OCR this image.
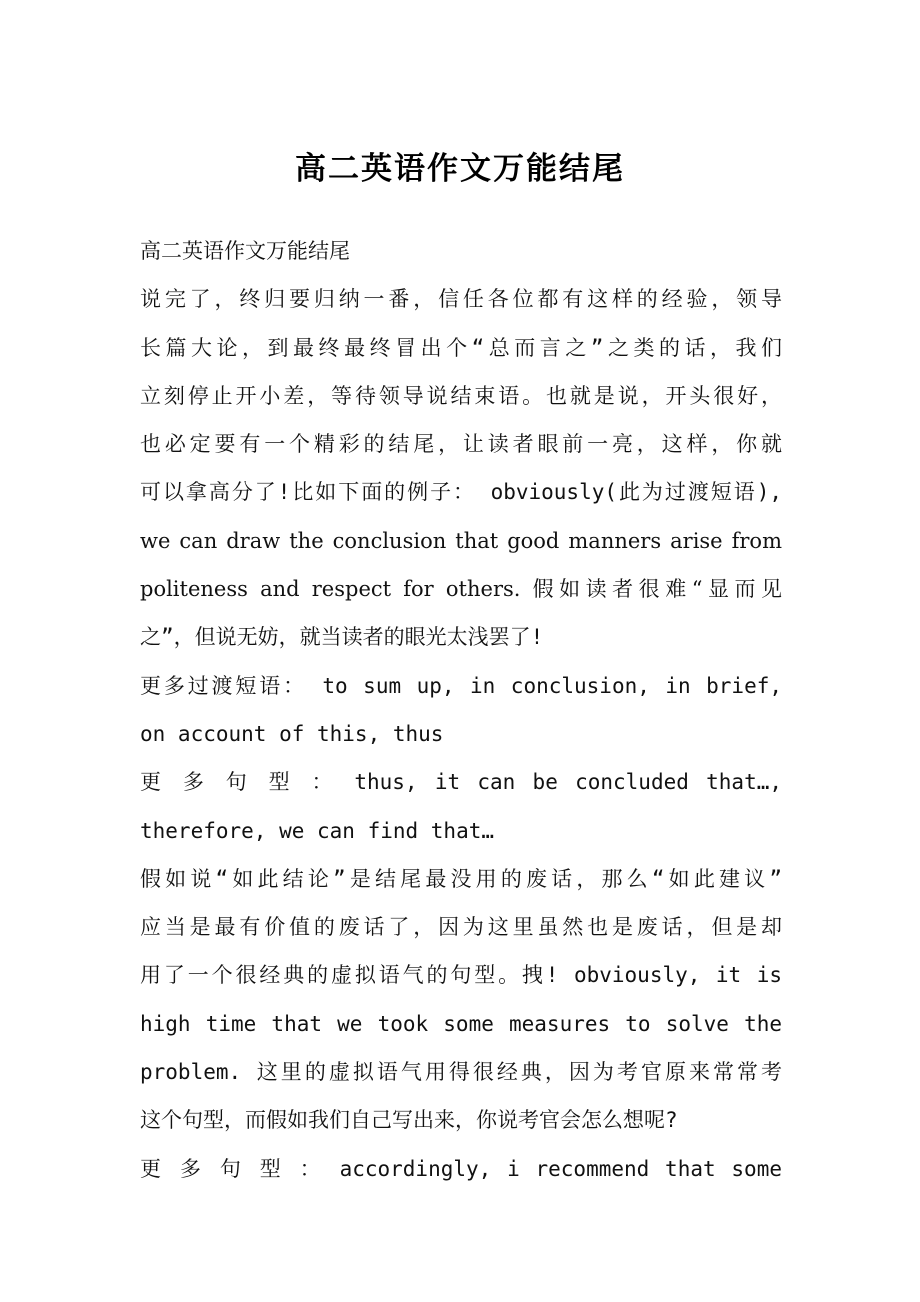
高二英语作文万能结尾
高二英语作文万能结尾
说完了，终归要归纳一番，信任各位都有这样的经验，领导
长篇大论，到最终最终冒出个“总而言之”之类的话，我们
立刻停止开小差，等待领导说结束语。也就是说，开头很好，
也必定要有一个精彩的结尾，让读者眼前一亮，这样，你就
可以拿高分了!比如下面的例子： obviously(此为过渡短语),
we can draw the conclusion that good manners arise from
politeness and respect for others. 假如读者很难“显而见
之”，但说无妨，就当读者的眼光太浅罢了!
更多过渡短语： to sum up, in conclusion, in brief,
on account of this, thus
更 多 句 型 ： thus, it can be concluded that…,
therefore, we can find that…
假如说“如此结论”是结尾最没用的废话，那么“如此建议”
应当是最有价值的废话了，因为这里虽然也是废话，但是却
用了一个很经典的虚拟语气的句型。拽! obviously, it is
high time that we took some measures to solve the
problem. 这里的虚拟语气用得很经典，因为考官原来常常考
这个句型，而假如我们自己写出来，你说考官会怎么想呢?
更 多 句 型 ： accordingly, i recommend that some
